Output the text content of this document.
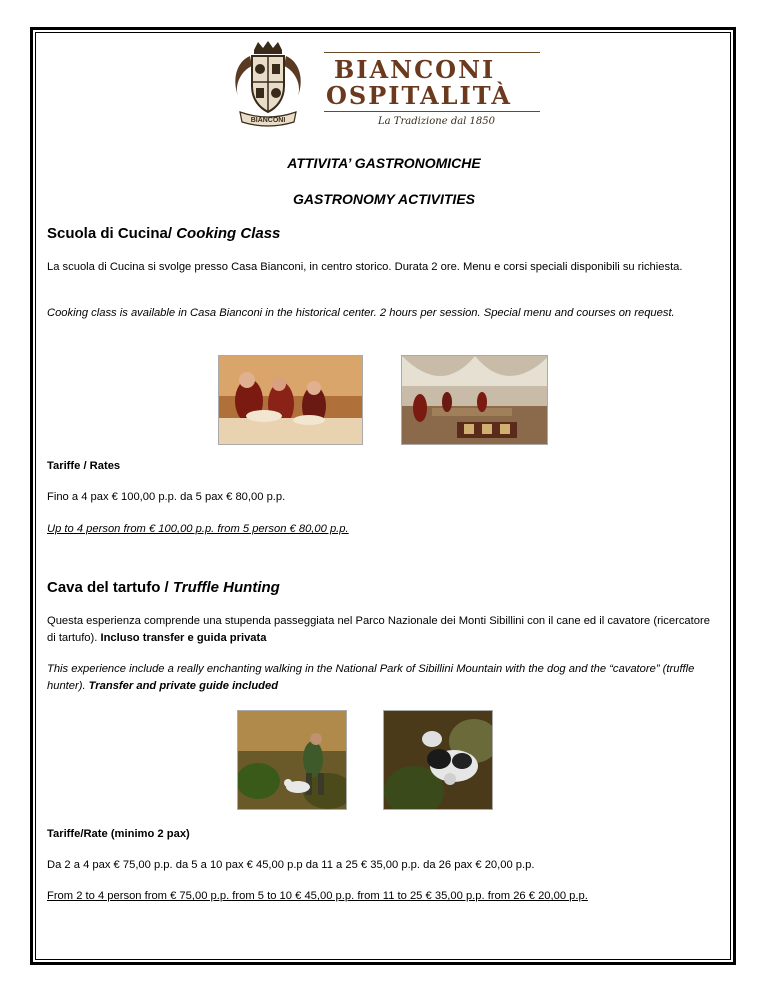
BIANCONI
BIANCONI
OSPITALITÀ
La Tradizione dal 1850
ATTIVITA’ GASTRONOMICHE
GASTRONOMY ACTIVITIES
Scuola di Cucina/ Cooking Class
La scuola di Cucina si svolge presso Casa Bianconi, in centro storico. Durata 2 ore. Menu e corsi speciali disponibili su richiesta.
Cooking class is available in Casa Bianconi in the historical center. 2 hours per session. Special menu and courses on request.
Tariffe / Rates
Fino a 4 pax € 100,00 p.p. da 5 pax € 80,00 p.p.
Up to 4 person from € 100,00 p.p. from 5 person € 80,00 p.p.
Cava del tartufo / Truffle Hunting
Questa esperienza comprende una stupenda passeggiata nel Parco Nazionale dei Monti Sibillini con il cane ed il cavatore (ricercatore di tartufo). Incluso transfer e guida privata
This experience include a really enchanting walking in the National Park of Sibillini Mountain with the dog and the “cavatore” (truffle hunter). Transfer and private guide included
Tariffe/Rate (minimo 2 pax)
Da 2 a 4 pax € 75,00 p.p. da 5 a 10 pax € 45,00 p.p da 11 a 25 € 35,00 p.p. da 26 pax € 20,00 p.p.
From 2 to 4 person from € 75,00 p.p. from 5 to 10 € 45,00 p.p. from 11 to 25 € 35,00 p.p. from 26 € 20,00 p.p.
